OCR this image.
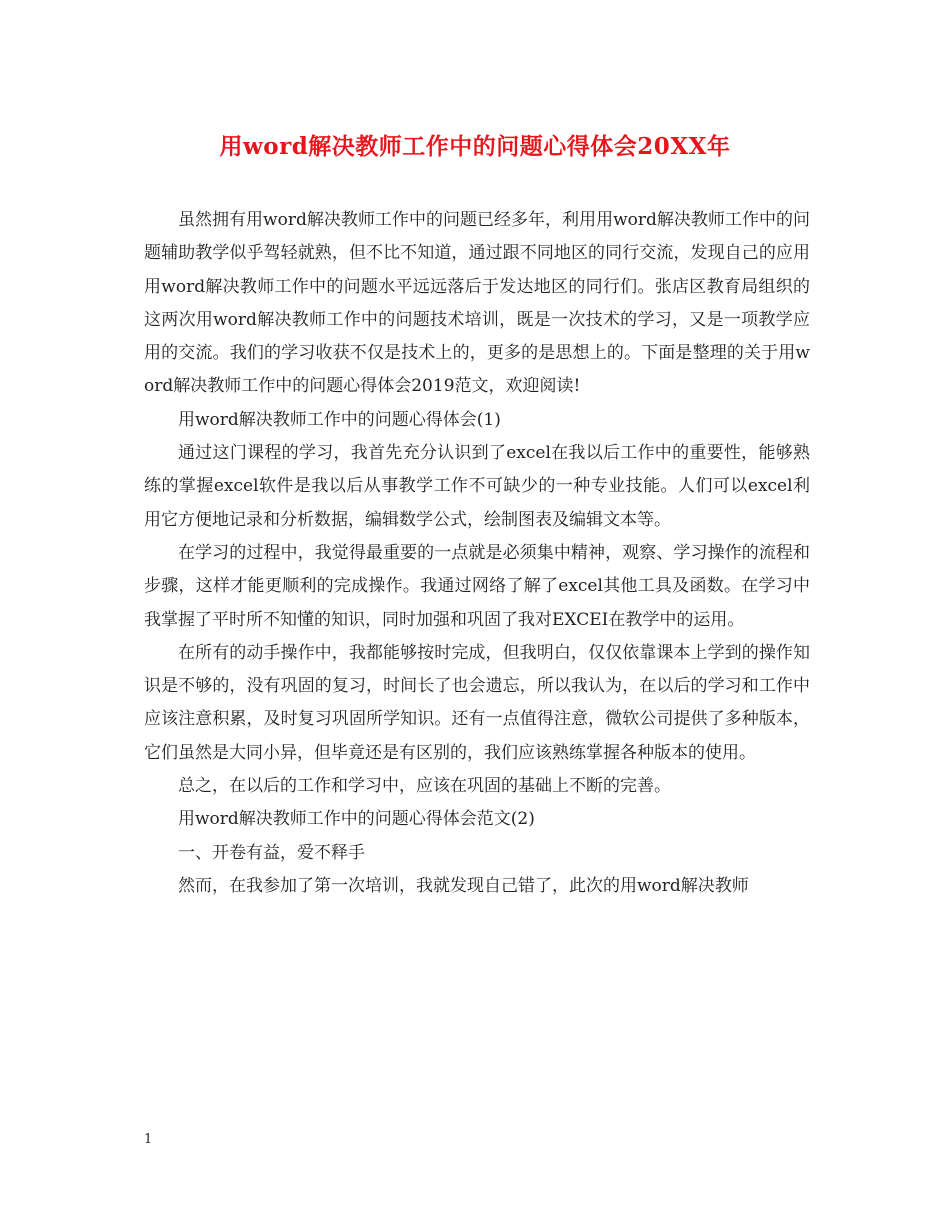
用word解决教师工作中的问题心得体会20XX年

虽然拥有用word解决教师工作中的问题已经多年，利用用word解决教师工作中的问题辅助教学似乎驾轻就熟，但不比不知道，通过跟不同地区的同行交流，发现自己的应用用word解决教师工作中的问题水平远远落后于发达地区的同行们。张店区教育局组织的这两次用word解决教师工作中的问题技术培训，既是一次技术的学习，又是一项教学应用的交流。我们的学习收获不仅是技术上的，更多的是思想上的。下面是整理的关于用word解决教师工作中的问题心得体会2019范文，欢迎阅读!

用word解决教师工作中的问题心得体会(1)

通过这门课程的学习，我首先充分认识到了excel在我以后工作中的重要性，能够熟练的掌握excel软件是我以后从事教学工作不可缺少的一种专业技能。人们可以excel利用它方便地记录和分析数据，编辑数学公式，绘制图表及编辑文本等。

在学习的过程中，我觉得最重要的一点就是必须集中精神，观察、学习操作的流程和步骤，这样才能更顺利的完成操作。我通过网络了解了excel其他工具及函数。在学习中我掌握了平时所不知懂的知识，同时加强和巩固了我对EXCEI在教学中的运用。

在所有的动手操作中，我都能够按时完成，但我明白，仅仅依靠课本上学到的操作知识是不够的，没有巩固的复习，时间长了也会遗忘，所以我认为，在以后的学习和工作中应该注意积累，及时复习巩固所学知识。还有一点值得注意，微软公司提供了多种版本，它们虽然是大同小异，但毕竟还是有区别的，我们应该熟练掌握各种版本的使用。

总之，在以后的工作和学习中，应该在巩固的基础上不断的完善。

用word解决教师工作中的问题心得体会范文(2)

一、开卷有益，爱不释手

然而，在我参加了第一次培训，我就发现自己错了，此次的用word解决教师

1
